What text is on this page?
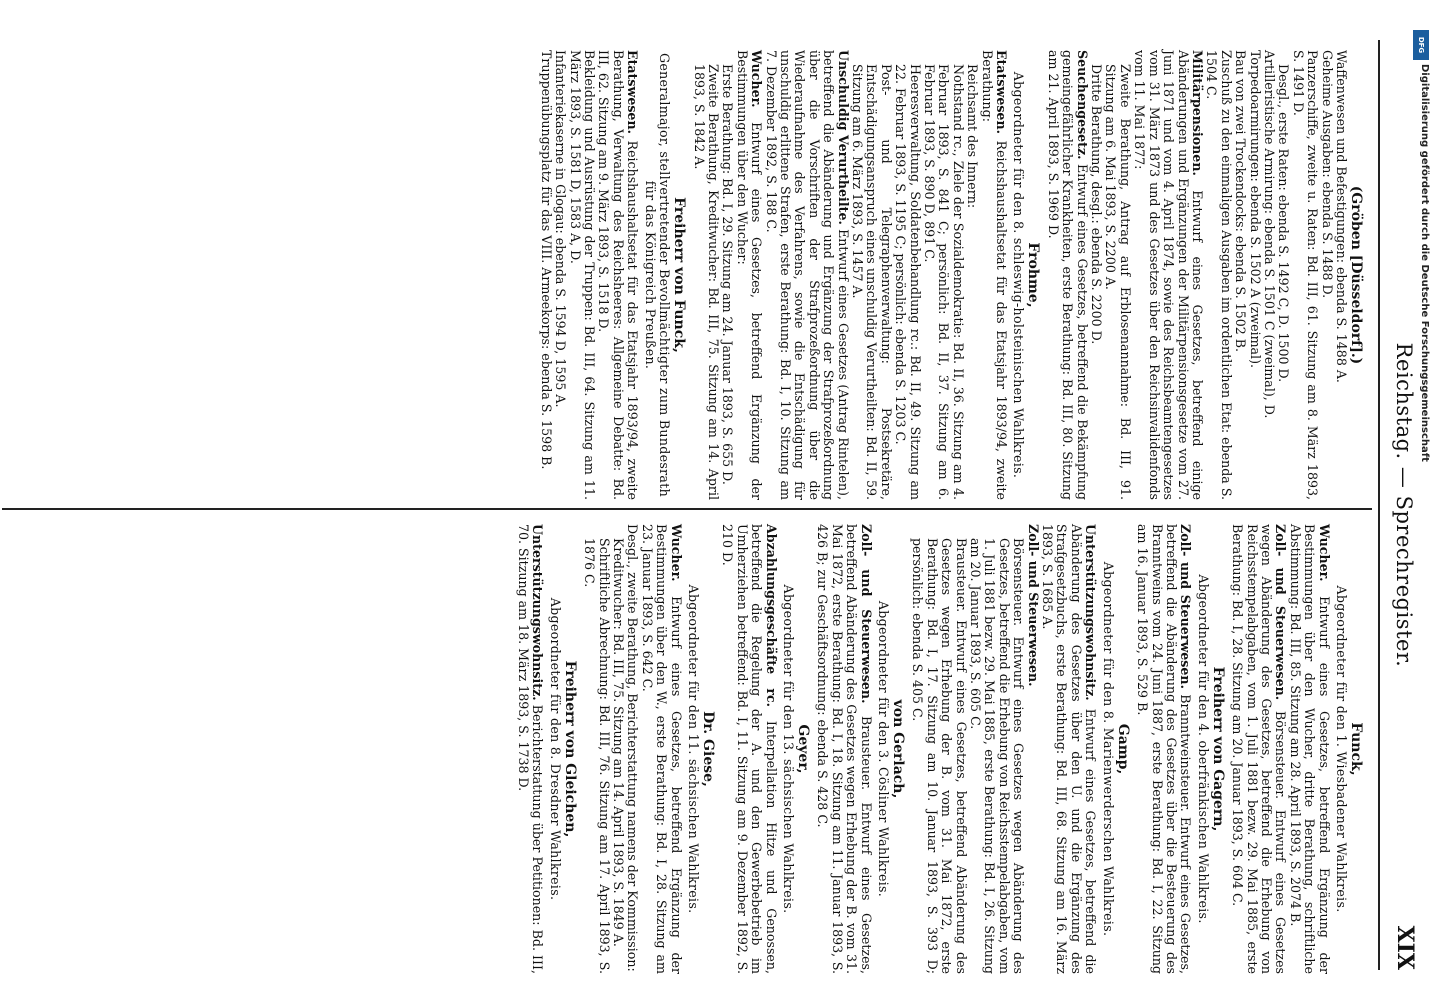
Reichstag. — Sprechregister.
XIX
(Gröben [Düsseldorf].)

Waffenwesen und Befestigungen: ebenda S. 1488 A.

Geheime Ausgaben: ebenda S. 1488 D.

Panzerschiffe, zweite u. Raten: Bd. III, 61. Sitzung am 8. März 1893, S. 1491 D.

Desgl., erste Raten: ebenda S. 1492 C, D. 1500 D.

Artilleristische Armirung: ebenda S. 1501 C (zweimal), D.

Torpedoarmirungen: ebenda S. 1502 A (zweimal).

Bau von zwei Trockendocks: ebenda S. 1502 B.

Zuschuß zu den einmaligen Ausgaben im ordentlichen Etat: ebenda S. 1504 C.

Militärpensionen. Entwurf eines Gesetzes, betreffend einige Abänderungen und Ergänzungen der Militärpensionsgesetze vom 27. Juni 1871 und vom 4. April 1874, sowie des Reichsbeamtengesetzes vom 31. März 1873 und des Gesetzes über den Reichsinvalidenfonds vom 11. Mai 1877:

Zweite Berathung, Antrag auf Erblosenannahme: Bd. III, 91. Sitzung am 6. Mai 1893, S. 2200 A.

Dritte Berathung, desgl.: ebenda S. 2200 D.

Seuchengesetz. Entwurf eines Gesetzes, betreffend die Bekämpfung gemeingefährlicher Krankheiten, erste Berathung: Bd. III, 80. Sitzung am 21. April 1893, S. 1969 D.

Frohme,
Abgeordneter für den 8. schleswig-holsteinischen Wahlkreis.

Etatswesen. Reichshaushaltsetat für das Etatsjahr 1893/94, zweite Berathung:

Reichsamt des Innern:

Nothstand rc., Ziele der Sozialdemokratie: Bd. II, 36. Sitzung am 4. Februar 1893, S. 841 C; persönlich: Bd. II, 37. Sitzung am 6. Februar 1893, S. 890 D, 891 C.

Heeresverwaltung, Soldatenbehandlung rc.: Bd. II, 49. Sitzung am 22. Februar 1893, S. 1195 C; persönlich: ebenda S. 1203 C.

Post- und Telegraphenverwaltung: Postsekretäre, Entschädigungsanspruch eines unschuldig Verurtheilten: Bd. II, 59. Sitzung am 6. März 1893, S. 1457 A.

Unschuldig Verurtheilte. Entwurf eines Gesetzes (Antrag Rintelen), betreffend die Abänderung und Ergänzung der Strafprozeßordnung über die Vorschriften der Strafprozeßordnung über die Wiederaufnahme des Verfahrens, sowie die Entschädigung für unschuldig erlittene Strafen, erste Berathung: Bd. I, 10. Sitzung am 7. Dezember 1892, S. 188 C.

Wucher. Entwurf eines Gesetzes, betreffend Ergänzung der Bestimmungen über den Wucher:

Erste Berathung: Bd. I, 29. Sitzung am 24. Januar 1893, S. 655 D.

Zweite Berathung, Kreditwucher: Bd. III, 75. Sitzung am 14. April 1893, S. 1842 A.

Freiherr von Funck,
Generalmajor, stellvertretender Bevollmächtigter zum Bundesrath für das Königreich Preußen.

Etatswesen. Reichshaushaltsetat für das Etatsjahr 1893/94, zweite Berathung, Verwaltung des Reichsheeres: Allgemeine Debatte: Bd. III, 62. Sitzung am 9. März 1893, S. 1518 D.

Bekleidung und Ausrüstung der Truppen: Bd. III, 64. Sitzung am 11. März 1893, S. 1581 D, 1583 A, D.

Infanteriekaserne in Glogau: ebenda S. 1594 D, 1595 A.

Truppenübungsplatz für das VIII. Armeekorps: ebenda S. 1598 B.

Funck,
Abgeordneter für den 1. Wiesbadener Wahlkreis.

Wucher. Entwurf eines Gesetzes, betreffend Ergänzung der Bestimmungen über den Wucher, dritte Berathung, schriftliche Abstimmung: Bd. III, 85. Sitzung am 28. April 1893, S. 2074 B.

Zoll- und Steuerwesen. Börsensteuer. Entwurf eines Gesetzes wegen Abänderung des Gesetzes, betreffend die Erhebung von Reichsstempelabgaben, vom 1. Juli 1881 bezw. 29. Mai 1885, erste Berathung: Bd. I, 28. Sitzung am 20. Januar 1893, S. 604 C.

Freiherr von Gagern,
Abgeordneter für den 4. oberfränkischen Wahlkreis.

Zoll- und Steuerwesen. Branntweinsteuer. Entwurf eines Gesetzes, betreffend die Abänderung des Gesetzes über die Besteuerung des Branntweins vom 24. Juni 1887, erste Berathung: Bd. I, 22. Sitzung am 16. Januar 1893, S. 529 B.

Gamp,
Abgeordneter für den 8. Marienwerderschen Wahlkreis.

Unterstützungswohnsitz. Entwurf eines Gesetzes, betreffend die Abänderung des Gesetzes über den U. und die Ergänzung des Strafgesetzbuchs, erste Berathung: Bd. III, 68. Sitzung am 16. März 1893, S. 1685 A.

Zoll- und Steuerwesen.

Börsensteuer. Entwurf eines Gesetzes wegen Abänderung des Gesetzes, betreffend die Erhebung von Reichsstempelabgaben, vom 1. Juli 1881 bezw. 29. Mai 1885, erste Berathung: Bd. I, 26. Sitzung am 20. Januar 1893, S. 605 C.

Brausteuer. Entwurf eines Gesetzes, betreffend Abänderung des Gesetzes wegen Erhebung der B. vom 31. Mai 1872, erste Berathung: Bd. I, 17. Sitzung am 10. Januar 1893, S. 393 D; persönlich: ebenda S. 405 C.

von Gerlach,
Abgeordneter für den 3. Cösliner Wahlkreis.

Zoll- und Steuerwesen. Brausteuer. Entwurf eines Gesetzes, betreffend Abänderung des Gesetzes wegen Erhebung der B. vom 31. Mai 1872, erste Berathung: Bd. I, 18. Sitzung am 11. Januar 1893, S. 426 B; zur Geschäftsordnung: ebenda S. 428 C.

Geyer,
Abgeordneter für den 13. sächsischen Wahlkreis.

Abzahlungsgeschäfte rc. Interpellation Hitze und Genossen, betreffend die Regelung der A. und den Gewerbebetrieb im Umherziehen betreffend: Bd. I, 11. Sitzung am 9. Dezember 1892, S. 210 D.

Dr. Giese,
Abgeordneter für den 11. sächsischen Wahlkreis.

Wucher. Entwurf eines Gesetzes, betreffend Ergänzung der Bestimmungen über den W., erste Berathung: Bd. I, 28. Sitzung am 23. Januar 1893, S. 642 C.

Desgl., zweite Berathung, Berichterstattung namens der Kommission:

Kreditwucher: Bd. III, 75. Sitzung am 14. April 1893, S. 1849 A.

Schriftliche Abrechnung: Bd. III, 76. Sitzung am 17. April 1893, S. 1876 C.

Freiherr von Gleichen,
Abgeordneter für den 8. Dresdner Wahlkreis.

Unterstützungswohnsitz. Berichterstattung über Petitionen: Bd. III, 70. Sitzung am 18. März 1893, S. 1738 D.

DFG
Digitalisierung gefördert durch die Deutsche Forschungsgemeinschaft
